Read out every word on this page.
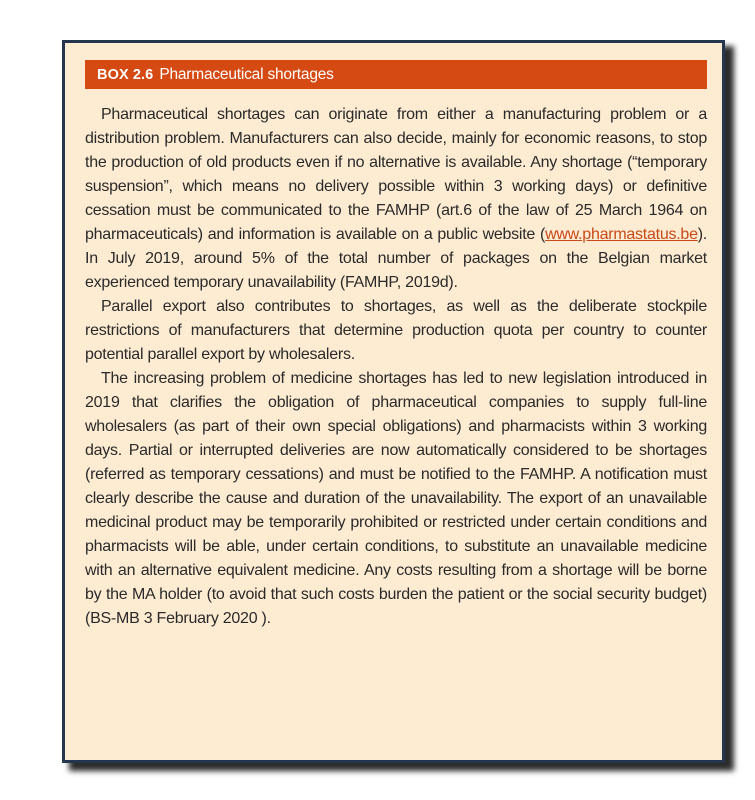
BOX 2.6 Pharmaceutical shortages

Pharmaceutical shortages can originate from either a manufacturing problem or a distribution problem. Manufacturers can also decide, mainly for economic reasons, to stop the production of old products even if no alternative is available. Any shortage (“temporary suspension”, which means no delivery possible within 3 working days) or definitive cessation must be communicated to the FAMHP (art.6 of the law of 25 March 1964 on pharmaceuticals) and information is available on a public website (www.pharmastatus.be). In July 2019, around 5% of the total number of packages on the Belgian market experienced temporary unavailability (FAMHP, 2019d).

Parallel export also contributes to shortages, as well as the deliberate stockpile restrictions of manufacturers that determine production quota per country to counter potential parallel export by wholesalers.

The increasing problem of medicine shortages has led to new legislation introduced in 2019 that clarifies the obligation of pharmaceutical companies to supply full-line wholesalers (as part of their own special obligations) and pharmacists within 3 working days. Partial or interrupted deliveries are now automatically considered to be shortages (referred as temporary cessations) and must be notified to the FAMHP. A notification must clearly describe the cause and duration of the unavailability. The export of an unavailable medicinal product may be temporarily prohibited or restricted under certain conditions and pharmacists will be able, under certain conditions, to substitute an unavailable medicine with an alternative equivalent medicine. Any costs resulting from a shortage will be borne by the MA holder (to avoid that such costs burden the patient or the social security budget) (BS-MB 3 February 2020 ).
